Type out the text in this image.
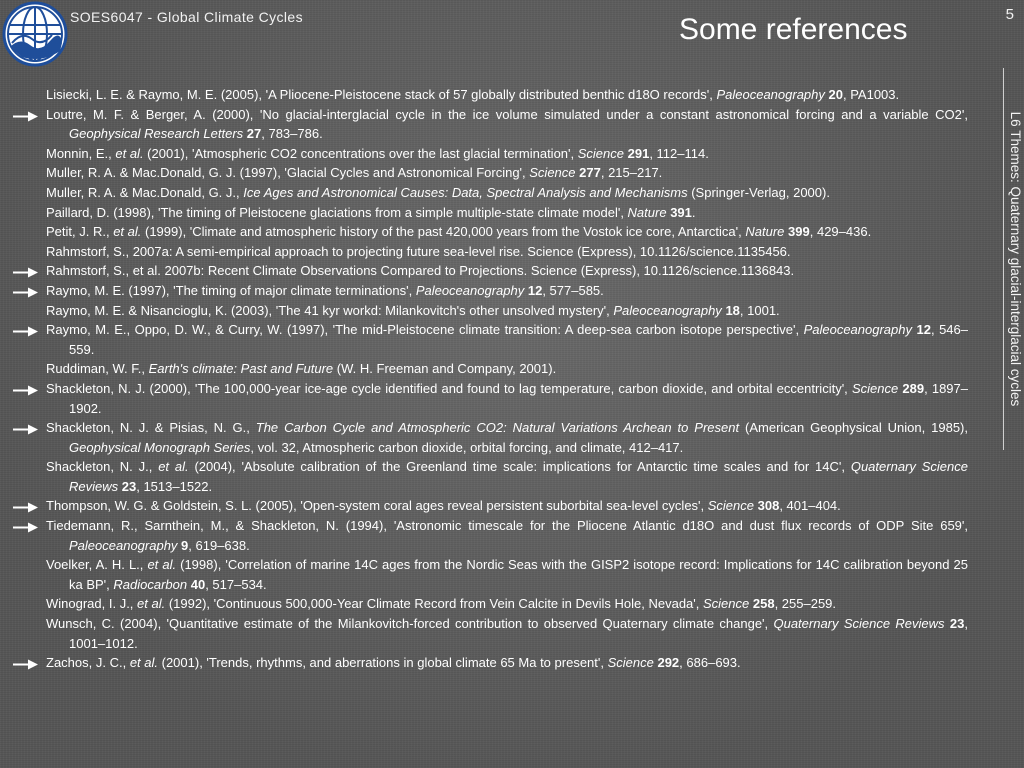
SOES6047 - Global Climate Cycles	Some references	5
L6 Themes: Quaternary glacial-interglacial cycles
Lisiecki, L. E. & Raymo, M. E. (2005), 'A Pliocene-Pleistocene stack of 57 globally distributed benthic d18O records', Paleoceanography 20, PA1003.
Loutre, M. F. & Berger, A. (2000), 'No glacial-interglacial cycle in the ice volume simulated under a constant astronomical forcing and a variable CO2', Geophysical Research Letters 27, 783–786.
Monnin, E., et al. (2001), 'Atmospheric CO2 concentrations over the last glacial termination', Science 291, 112–114.
Muller, R. A. & Mac.Donald, G. J. (1997), 'Glacial Cycles and Astronomical Forcing', Science 277, 215–217.
Muller, R. A. & Mac.Donald, G. J., Ice Ages and Astronomical Causes: Data, Spectral Analysis and Mechanisms (Springer-Verlag, 2000).
Paillard, D. (1998), 'The timing of Pleistocene glaciations from a simple multiple-state climate model', Nature 391.
Petit, J. R., et al. (1999), 'Climate and atmospheric history of the past 420,000 years from the Vostok ice core, Antarctica', Nature 399, 429–436.
Rahmstorf, S., 2007a: A semi-empirical approach to projecting future sea-level rise. Science (Express), 10.1126/science.1135456.
Rahmstorf, S., et al. 2007b: Recent Climate Observations Compared to Projections. Science (Express), 10.1126/science.1136843.
Raymo, M. E. (1997), 'The timing of major climate terminations', Paleoceanography 12, 577–585.
Raymo, M. E. & Nisancioglu, K. (2003), 'The 41 kyr workd: Milankovitch's other unsolved mystery', Paleoceanography 18, 1001.
Raymo, M. E., Oppo, D. W., & Curry, W. (1997), 'The mid-Pleistocene climate transition: A deep-sea carbon isotope perspective', Paleoceanography 12, 546–559.
Ruddiman, W. F., Earth's climate: Past and Future (W. H. Freeman and Company, 2001).
Shackleton, N. J. (2000), 'The 100,000-year ice-age cycle identified and found to lag temperature, carbon dioxide, and orbital eccentricity', Science 289, 1897–1902.
Shackleton, N. J. & Pisias, N. G., The Carbon Cycle and Atmospheric CO2: Natural Variations Archean to Present (American Geophysical Union, 1985), Geophysical Monograph Series, vol. 32, Atmospheric carbon dioxide, orbital forcing, and climate, 412–417.
Shackleton, N. J., et al. (2004), 'Absolute calibration of the Greenland time scale: implications for Antarctic time scales and for 14C', Quaternary Science Reviews 23, 1513–1522.
Thompson, W. G. & Goldstein, S. L. (2005), 'Open-system coral ages reveal persistent suborbital sea-level cycles', Science 308, 401–404.
Tiedemann, R., Sarnthein, M., & Shackleton, N. (1994), 'Astronomic timescale for the Pliocene Atlantic d18O and dust flux records of ODP Site 659', Paleoceanography 9, 619–638.
Voelker, A. H. L., et al. (1998), 'Correlation of marine 14C ages from the Nordic Seas with the GISP2 isotope record: Implications for 14C calibration beyond 25 ka BP', Radiocarbon 40, 517–534.
Winograd, I. J., et al. (1992), 'Continuous 500,000-Year Climate Record from Vein Calcite in Devils Hole, Nevada', Science 258, 255–259.
Wunsch, C. (2004), 'Quantitative estimate of the Milankovitch-forced contribution to observed Quaternary climate change', Quaternary Science Reviews 23, 1001–1012.
Zachos, J. C., et al. (2001), 'Trends, rhythms, and aberrations in global climate 65 Ma to present', Science 292, 686–693.
